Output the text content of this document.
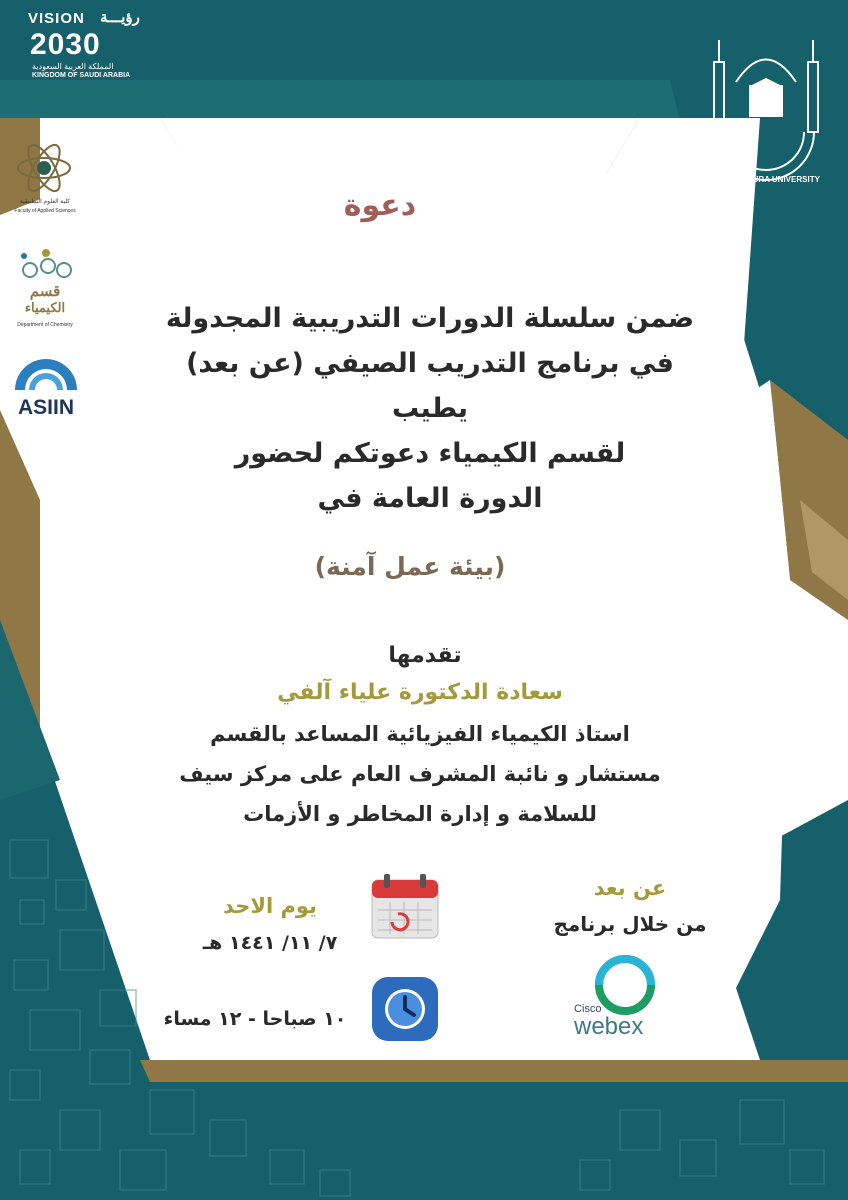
VISION رؤيـــة
2030
المملكة العربية السعودية
KINGDOM OF SAUDI ARABIA
UMM AL-QURA UNIVERSITY
كلية العلوم التطبيقية
Faculty of Applied Sciences
قسم
الكيمياء
Department of Chemistry
ASIIN
دعوة
ضمن سلسلة الدورات التدريبية المجدولة
في برنامج التدريب الصيفي (عن بعد) يطيب
لقسم الكيمياء دعوتكم لحضور
الدورة العامة في
(بيئة عمل آمنة)
تقدمها
سعادة الدكتورة علياء آلفي
استاذ الكيمياء الفيزيائية المساعد بالقسم
مستشار و نائبة المشرف العام على مركز سيف
للسلامة و إدارة المخاطر و الأزمات
يوم الاحد
٧/ ١١/ ١٤٤١ هـ
١٠ صباحا - ١٢ مساء
عن بعد
من خلال برنامج
Cisco
webex
